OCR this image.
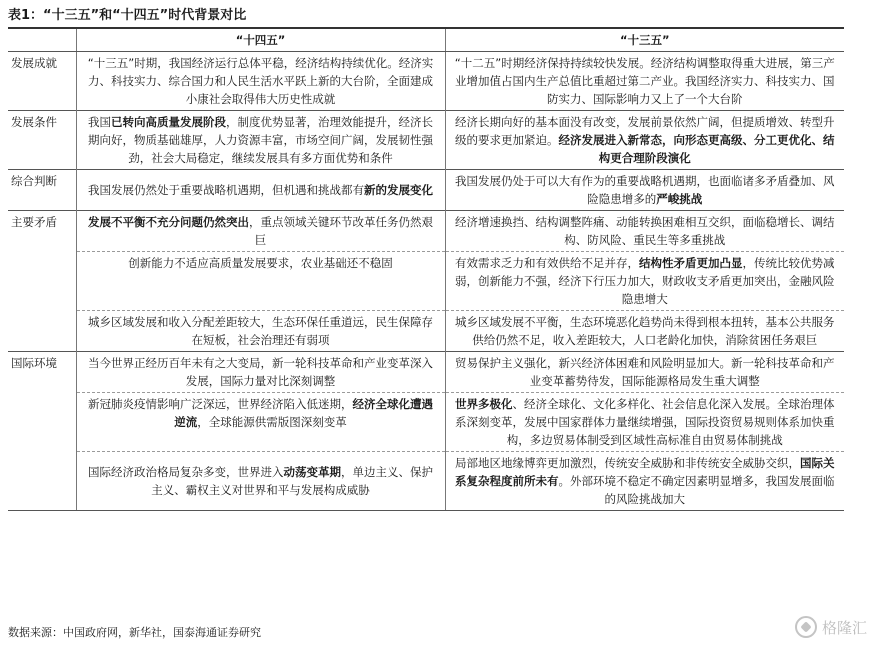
表1：“十三五”和“十四五”时代背景对比
	“十四五”	“十三五”
发展成就	“十三五”时期，我国经济运行总体平稳，经济结构持续优化。经济实力、科技实力、综合国力和人民生活水平跃上新的大台阶，全面建成小康社会取得伟大历史性成就	“十二五”时期经济保持持续较快发展。经济结构调整取得重大进展，第三产业增加值占国内生产总值比重超过第二产业。我国经济实力、科技实力、国防实力、国际影响力又上了一个大台阶
发展条件	我国已转向高质量发展阶段，制度优势显著，治理效能提升，经济长期向好，物质基础雄厚，人力资源丰富，市场空间广阔，发展韧性强劲，社会大局稳定，继续发展具有多方面优势和条件	经济长期向好的基本面没有改变，发展前景依然广阔，但提质增效、转型升级的要求更加紧迫。经济发展进入新常态，向形态更高级、分工更优化、结构更合理阶段演化
综合判断	我国发展仍然处于重要战略机遇期，但机遇和挑战都有新的发展变化	我国发展仍处于可以大有作为的重要战略机遇期，也面临诸多矛盾叠加、风险隐患增多的严峻挑战
主要矛盾	发展不平衡不充分问题仍然突出，重点领域关键环节改革任务仍然艰巨	经济增速换挡、结构调整阵痛、动能转换困难相互交织，面临稳增长、调结构、防风险、重民生等多重挑战
	创新能力不适应高质量发展要求，农业基础还不稳固	有效需求乏力和有效供给不足并存，结构性矛盾更加凸显，传统比较优势减弱，创新能力不强，经济下行压力加大，财政收支矛盾更加突出，金融风险隐患增大
	城乡区域发展和收入分配差距较大，生态环保任重道远，民生保障存在短板，社会治理还有弱项	城乡区域发展不平衡，生态环境恶化趋势尚未得到根本扭转，基本公共服务供给仍然不足，收入差距较大，人口老龄化加快，消除贫困任务艰巨
国际环境	当今世界正经历百年未有之大变局，新一轮科技革命和产业变革深入发展，国际力量对比深刻调整	贸易保护主义强化，新兴经济体困难和风险明显加大。新一轮科技革命和产业变革蓄势待发，国际能源格局发生重大调整
	新冠肺炎疫情影响广泛深远，世界经济陷入低迷期，经济全球化遭遇逆流，全球能源供需版图深刻变革	世界多极化、经济全球化、文化多样化、社会信息化深入发展。全球治理体系深刻变革，发展中国家群体力量继续增强，国际投资贸易规则体系加快重构，多边贸易体制受到区域性高标准自由贸易体制挑战
	国际经济政治格局复杂多变，世界进入动荡变革期，单边主义、保护主义、霸权主义对世界和平与发展构成威胁	局部地区地缘博弈更加激烈，传统安全威胁和非传统安全威胁交织，国际关系复杂程度前所未有。外部环境不稳定不确定因素明显增多，我国发展面临的风险挑战加大
数据来源：中国政府网，新华社，国泰海通证券研究	格隆汇
